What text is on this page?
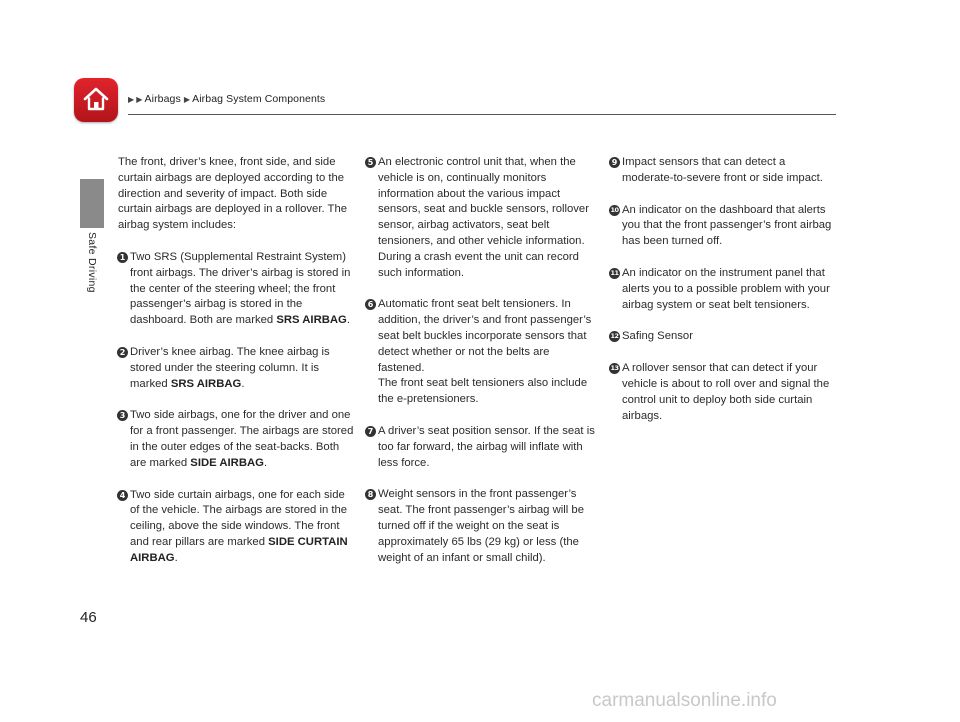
▶ ▶ Airbags ▶ Airbag System Components
Safe Driving
46

The front, driver’s knee, front side, and side curtain airbags are deployed according to the direction and severity of impact. Both side curtain airbags are deployed in a rollover. The airbag system includes:

1 Two SRS (Supplemental Restraint System) front airbags. The driver’s airbag is stored in the center of the steering wheel; the front passenger’s airbag is stored in the dashboard. Both are marked SRS AIRBAG.
2 Driver’s knee airbag. The knee airbag is stored under the steering column. It is marked SRS AIRBAG.
3 Two side airbags, one for the driver and one for a front passenger. The airbags are stored in the outer edges of the seat-backs. Both are marked SIDE AIRBAG.
4 Two side curtain airbags, one for each side of the vehicle. The airbags are stored in the ceiling, above the side windows. The front and rear pillars are marked SIDE CURTAIN AIRBAG.
5 An electronic control unit that, when the vehicle is on, continually monitors information about the various impact sensors, seat and buckle sensors, rollover sensor, airbag activators, seat belt tensioners, and other vehicle information. During a crash event the unit can record such information.
6 Automatic front seat belt tensioners. In addition, the driver’s and front passenger’s seat belt buckles incorporate sensors that detect whether or not the belts are fastened.
The front seat belt tensioners also include the e-pretensioners.
7 A driver’s seat position sensor. If the seat is too far forward, the airbag will inflate with less force.
8 Weight sensors in the front passenger’s seat. The front passenger’s airbag will be turned off if the weight on the seat is approximately 65 lbs (29 kg) or less (the weight of an infant or small child).
9 Impact sensors that can detect a moderate-to-severe front or side impact.
10 An indicator on the dashboard that alerts you that the front passenger’s front airbag has been turned off.
11 An indicator on the instrument panel that alerts you to a possible problem with your airbag system or seat belt tensioners.
12 Safing Sensor
13 A rollover sensor that can detect if your vehicle is about to roll over and signal the control unit to deploy both side curtain airbags.
carmanualsonline.info
